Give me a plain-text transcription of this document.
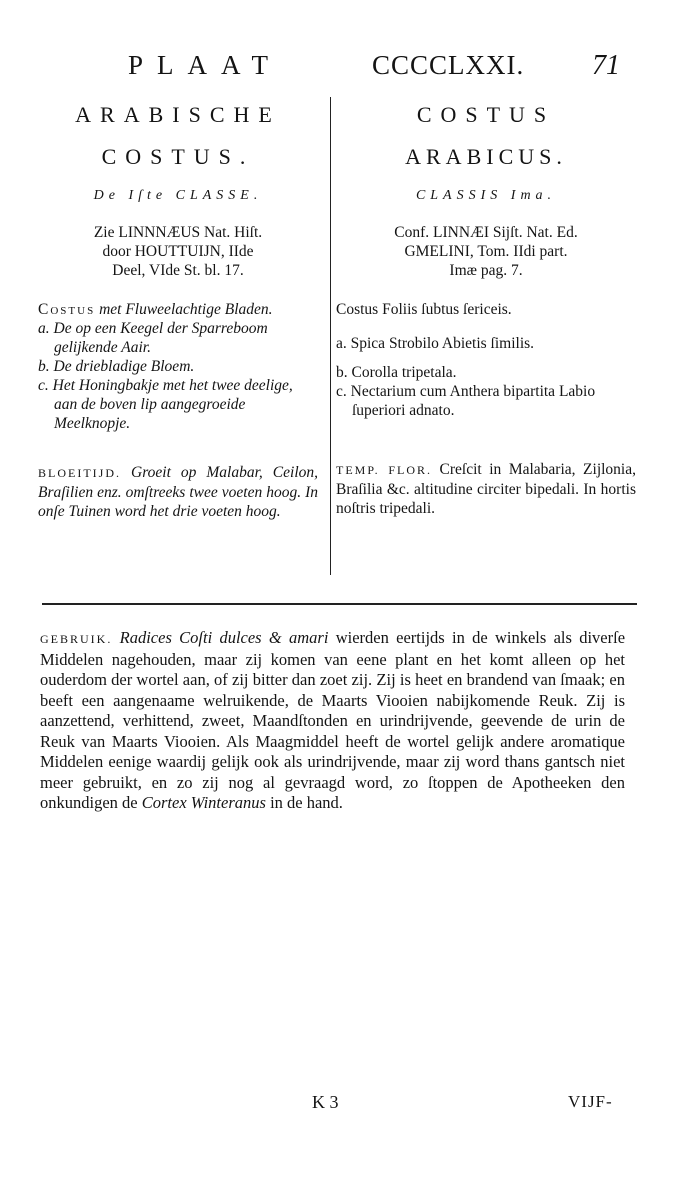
PLAAT	CCCCLXXI. 71
ARABISCHE
COSTUS.
De Iſte CLASSE.
Zie LINNNÆUS Nat. Hiſt.
door HOUTTUIJN, IIde
Deel, VIde St. bl. 17.
Costus met Fluweelachtige Bladen.
a. De op een Keegel der Sparreboom gelijkende Aair.
b. De driebladige Bloem.
c. Het Honingbakje met het twee deelige, aan de boven lip aangegroeide Meelknopje.
BLOEITIJD. Groeit op Malabar, Ceilon, Braſilien enz. omſtreeks twee voeten hoog. In onſe Tuinen word het drie voeten hoog.
COSTUS
ARABICUS.
CLASSIS Ima.
Conf. LINNÆI Sijſt. Nat. Ed.
GMELINI, Tom. IIdi part.
Imæ pag. 7.
Costus Foliis ſubtus ſericeis.
a. Spica Strobilo Abietis ſimilis.
b. Corolla tripetala.
c. Nectarium cum Anthera bipartita Labio ſuperiori adnato.
TEMP. FLOR. Creſcit in Malabaria, Zijlonia, Braſilia &c. altitudine circiter bipedali. In hortis noſtris tripedali.
GEBRUIK. Radices Coſti dulces & amari wierden eertijds in de winkels als diverſe Middelen nagehouden, maar zij komen van eene plant en het komt alleen op het ouderdom der wortel aan, of zij bitter dan zoet zij. Zij is heet en brandend van ſmaak; en beeft een aangenaame welruikende, de Maarts Viooien nabijkomende Reuk. Zij is aanzettend, verhittend, zweet, Maandſtonden en urindrijvende, geevende de urin de Reuk van Maarts Viooien. Als Maagmiddel heeft de wortel gelijk andere aromatique Middelen eenige waardij gelijk ook als urindrijvende, maar zij word thans gantsch niet meer gebruikt, en zo zij nog al gevraagd word, zo ſtoppen de Apotheeken den onkundigen de Cortex Winteranus in de hand.
K 3	VIJF-
